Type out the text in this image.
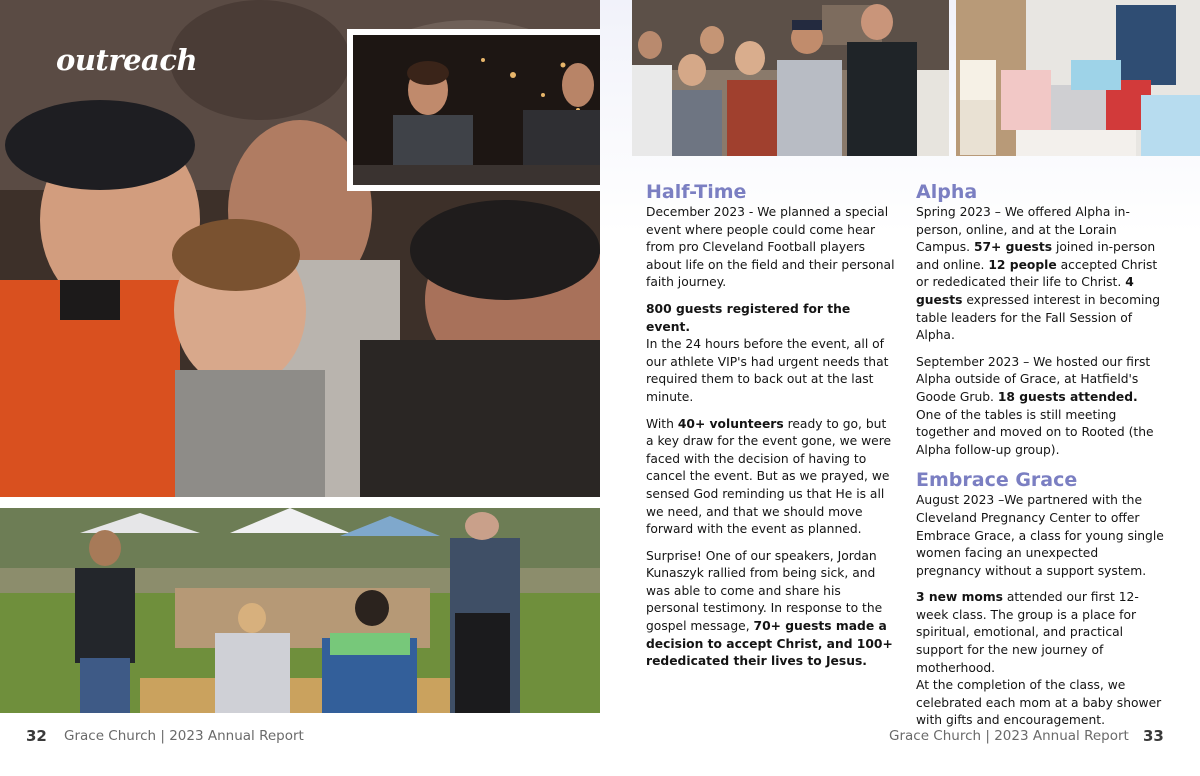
outreach
32 Grace Church | 2023 Annual Report
Half-Time

December 2023 - We planned a special event where people could come hear from pro Cleveland Football players about life on the field and their personal faith journey.

800 guests registered for the event.
In the 24 hours before the event, all of our athlete VIP's had urgent needs that required them to back out at the last minute.

With 40+ volunteers ready to go, but a key draw for the event gone, we were faced with the decision of having to cancel the event. But as we prayed, we sensed God reminding us that He is all we need, and that we should move forward with the event as planned.

Surprise! One of our speakers, Jordan Kunaszyk rallied from being sick, and was able to come and share his personal testimony. In response to the gospel message, 70+ guests made a decision to accept Christ, and 100+ rededicated their lives to Jesus.

Alpha

Spring 2023 – We offered Alpha in-person, online, and at the Lorain Campus. 57+ guests joined in-person and online. 12 people accepted Christ or rededicated their life to Christ. 4 guests expressed interest in becoming table leaders for the Fall Session of Alpha.

September 2023 – We hosted our first Alpha outside of Grace, at Hatfield's Goode Grub. 18 guests attended.
One of the tables is still meeting together and moved on to Rooted (the Alpha follow-up group).

Embrace Grace

August 2023 –We partnered with the Cleveland Pregnancy Center to offer Embrace Grace, a class for young single women facing an unexpected pregnancy without a support system.

3 new moms attended our first 12-week class. The group is a place for spiritual, emotional, and practical support for the new journey of motherhood.
At the completion of the class, we celebrated each mom at a baby shower with gifts and encouragement.

Grace Church | 2023 Annual Report 33
